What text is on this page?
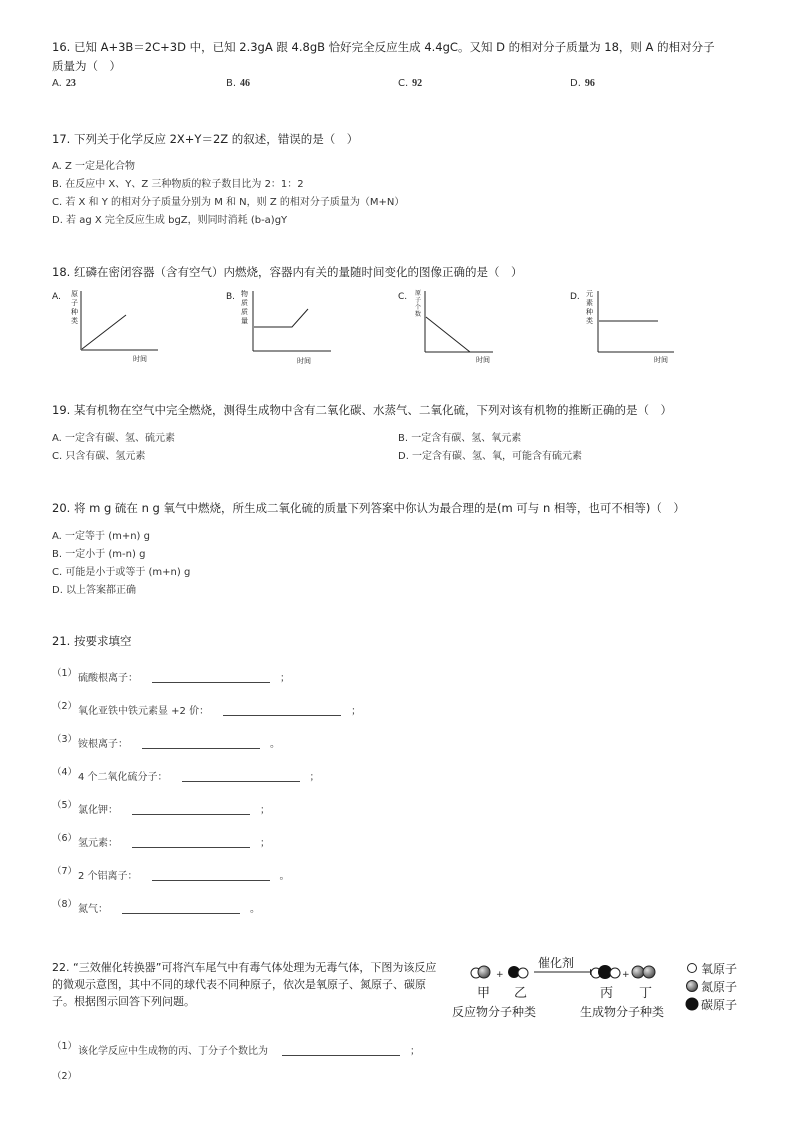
16. 已知 A+3B＝2C+3D 中，已知 2.3gA 跟 4.8gB 恰好完全反应生成 4.4gC。又知 D 的相对分子质量为 18，则 A 的相对分子
质量为（　）
A. 23	B. 46	C. 92	D. 96
17. 下列关于化学反应 2X+Y＝2Z 的叙述，错误的是（　）
A. Z 一定是化合物
B. 在反应中 X、Y、Z 三种物质的粒子数目比为 2：1：2
C. 若 X 和 Y 的相对分子质量分别为 M 和 N，则 Z 的相对分子质量为（M+N）
D. 若 ag X 完全反应生成 bgZ，则同时消耗 (b-a)gY
18. 红磷在密闭容器（含有空气）内燃烧，容器内有关的量随时间变化的图像正确的是（　）
A. 原
子
种
类
时间
B. 物
质
质
量
时间
C. 原
子
个
数
时间
D. 元
素
种
类
时间
19. 某有机物在空气中完全燃烧，测得生成物中含有二氧化碳、水蒸气、二氧化硫，下列对该有机物的推断正确的是（　）
A. 一定含有碳、氢、硫元素	B. 一定含有碳、氢、氧元素
C. 只含有碳、氢元素	D. 一定含有碳、氢、氧，可能含有硫元素
20. 将 m g 硫在 n g 氧气中燃烧，所生成二氧化硫的质量下列答案中你认为最合理的是(m 可与 n 相等，也可不相等)（　）
A. 一定等于 (m+n) g
B. 一定小于 (m-n) g
C. 可能是小于或等于 (m+n) g
D. 以上答案都正确
21. 按要求填空
（1）硫酸根离子：	；
（2）氧化亚铁中铁元素显 +2 价：	；
（3）铵根离子：	。
（4）4 个二氧化硫分子：	；
（5）氯化钾：	；
（6）氢元素：	；
（7）2 个铝离子：	。
（8）氮气：	。
22. “三效催化转换器”可将汽车尾气中有毒气体处理为无毒气体，下图为该反应的微观示意图，其中不同的球代表不同种原子，依次是氧原子、氮原子、碳原子。根据图示回答下列问题。
+
催化剂
+
甲 乙	丙 丁
反应物分子种类	生成物分子种类
氧原子
氮原子
碳原子
（1）该化学反应中生成物的丙、丁分子个数比为	；
（2）
